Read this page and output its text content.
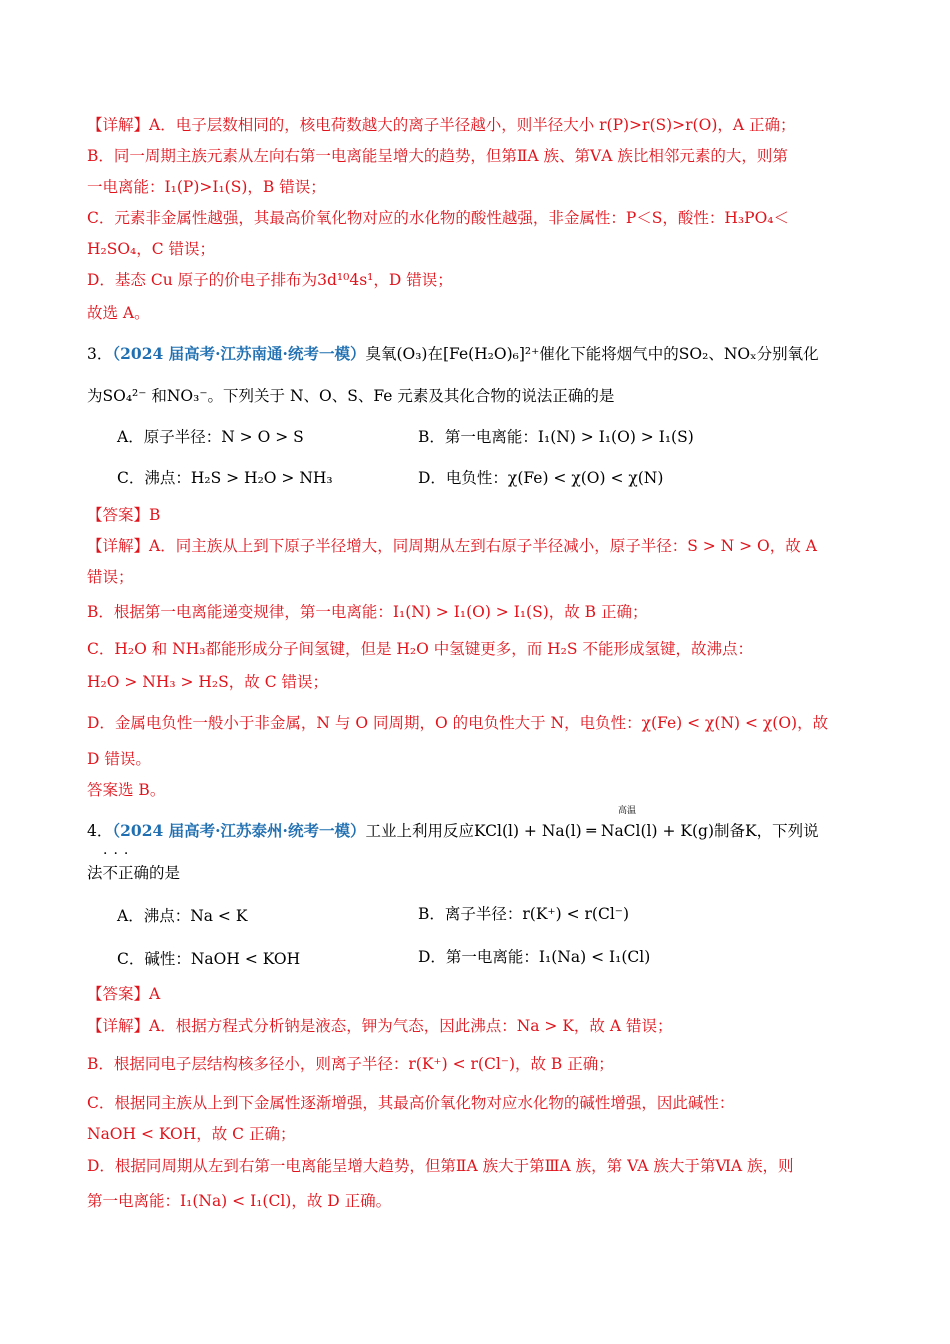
【详解】A．电子层数相同的，核电荷数越大的离子半径越小，则半径大小 r(P)>r(S)>r(O)，A 正确；
B．同一周期主族元素从左向右第一电离能呈增大的趋势，但第ⅡA 族、第ⅤA 族比相邻元素的大，则第
一电离能：I₁(P)>I₁(S)，B 错误；
C．元素非金属性越强，其最高价氧化物对应的水化物的酸性越强，非金属性：P＜S，酸性：H₃PO₄＜
H₂SO₄，C 错误；
D．基态 Cu 原子的价电子排布为3d¹⁰4s¹，D 错误；
故选 A。
3．（2024 届高考·江苏南通·统考一模）臭氧(O₃)在[Fe(H₂O)₆]²⁺催化下能将烟气中的SO₂、NOₓ分别氧化
为SO₄²⁻ 和NO₃⁻。下列关于 N、O、S、Fe 元素及其化合物的说法正确的是
A．原子半径：N > O > S	B．第一电离能：I₁(N) > I₁(O) > I₁(S)
C．沸点：H₂S > H₂O > NH₃	D．电负性：χ(Fe) < χ(O) < χ(N)
【答案】B
【详解】A．同主族从上到下原子半径增大，同周期从左到右原子半径减小，原子半径：S > N > O，故 A
错误；
B．根据第一电离能递变规律，第一电离能：I₁(N) > I₁(O) > I₁(S)，故 B 正确；
C．H₂O 和 NH₃都能形成分子间氢键，但是 H₂O 中氢键更多，而 H₂S 不能形成氢键，故沸点：
H₂O > NH₃ > H₂S，故 C 错误；
D．金属电负性一般小于非金属，N 与 O 同周期，O 的电负性大于 N，电负性：χ(Fe) < χ(N) < χ(O)，故
D 错误。
答案选 B。
高温
4．（2024 届高考·江苏泰州·统考一模）工业上利用反应KCl(l) + Na(l) ═ NaCl(l) + K(g)制备K，下列说
···
法不正确的是
A．沸点：Na < K	B．离子半径：r(K⁺) < r(Cl⁻)
C．碱性：NaOH < KOH	D．第一电离能：I₁(Na) < I₁(Cl)
【答案】A
【详解】A．根据方程式分析钠是液态，钾为气态，因此沸点：Na > K，故 A 错误；
B．根据同电子层结构核多径小，则离子半径：r(K⁺) < r(Cl⁻)，故 B 正确；
C．根据同主族从上到下金属性逐渐增强，其最高价氧化物对应水化物的碱性增强，因此碱性：
NaOH < KOH，故 C 正确；
D．根据同周期从左到右第一电离能呈增大趋势，但第ⅡA 族大于第ⅢA 族，第 VA 族大于第ⅥA 族，则
第一电离能：I₁(Na) < I₁(Cl)，故 D 正确。
